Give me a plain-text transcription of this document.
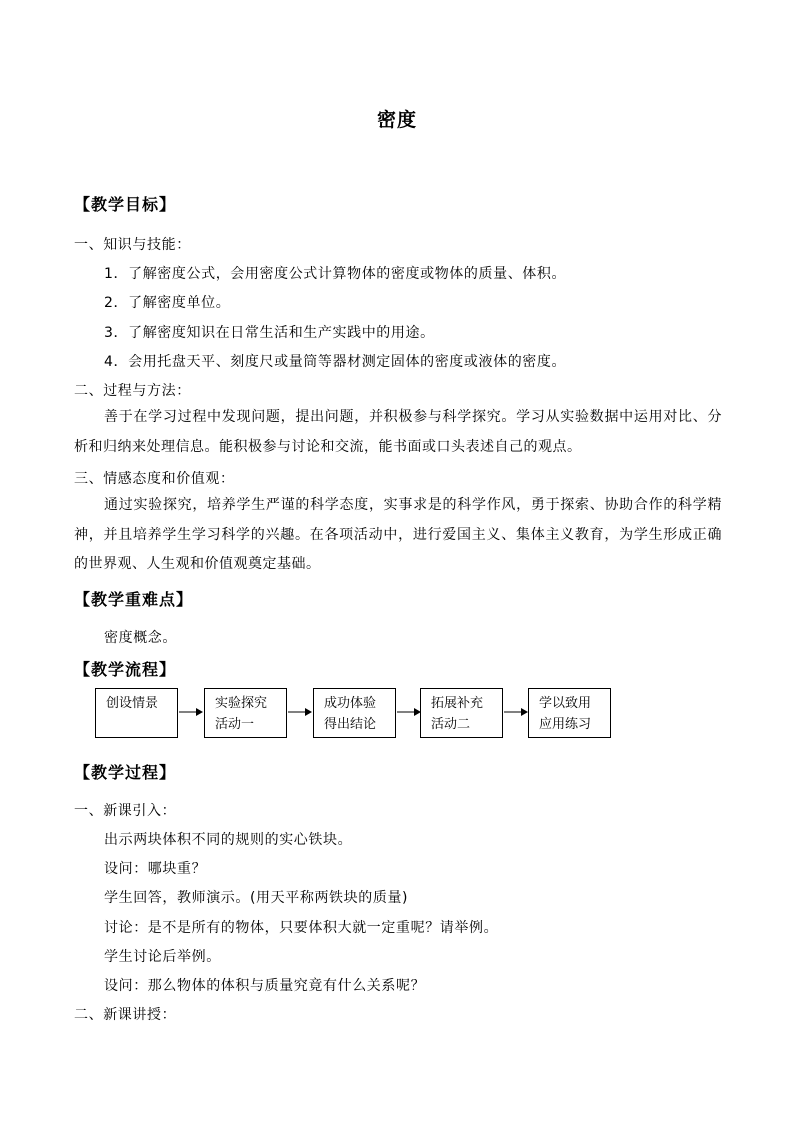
密度
【教学目标】
一、知识与技能：
1．了解密度公式，会用密度公式计算物体的密度或物体的质量、体积。
2．了解密度单位。
3．了解密度知识在日常生活和生产实践中的用途。
4．会用托盘天平、刻度尺或量筒等器材测定固体的密度或液体的密度。
二、过程与方法：
善于在学习过程中发现问题，提出问题，并积极参与科学探究。学习从实验数据中运用对比、分析和归纳来处理信息。能积极参与讨论和交流，能书面或口头表述自己的观点。
三、情感态度和价值观：
通过实验探究，培养学生严谨的科学态度，实事求是的科学作风，勇于探索、协助合作的科学精神，并且培养学生学习科学的兴趣。在各项活动中，进行爱国主义、集体主义教育，为学生形成正确的世界观、人生观和价值观奠定基础。
【教学重难点】
密度概念。
【教学流程】
创设情景	实验探究
活动一
成功体验
得出结论
拓展补充
活动二
学以致用
应用练习
【教学过程】
一、新课引入：
出示两块体积不同的规则的实心铁块。
设问：哪块重？
学生回答，教师演示。(用天平称两铁块的质量)
讨论：是不是所有的物体，只要体积大就一定重呢？请举例。
学生讨论后举例。
设问：那么物体的体积与质量究竟有什么关系呢？
二、新课讲授：
